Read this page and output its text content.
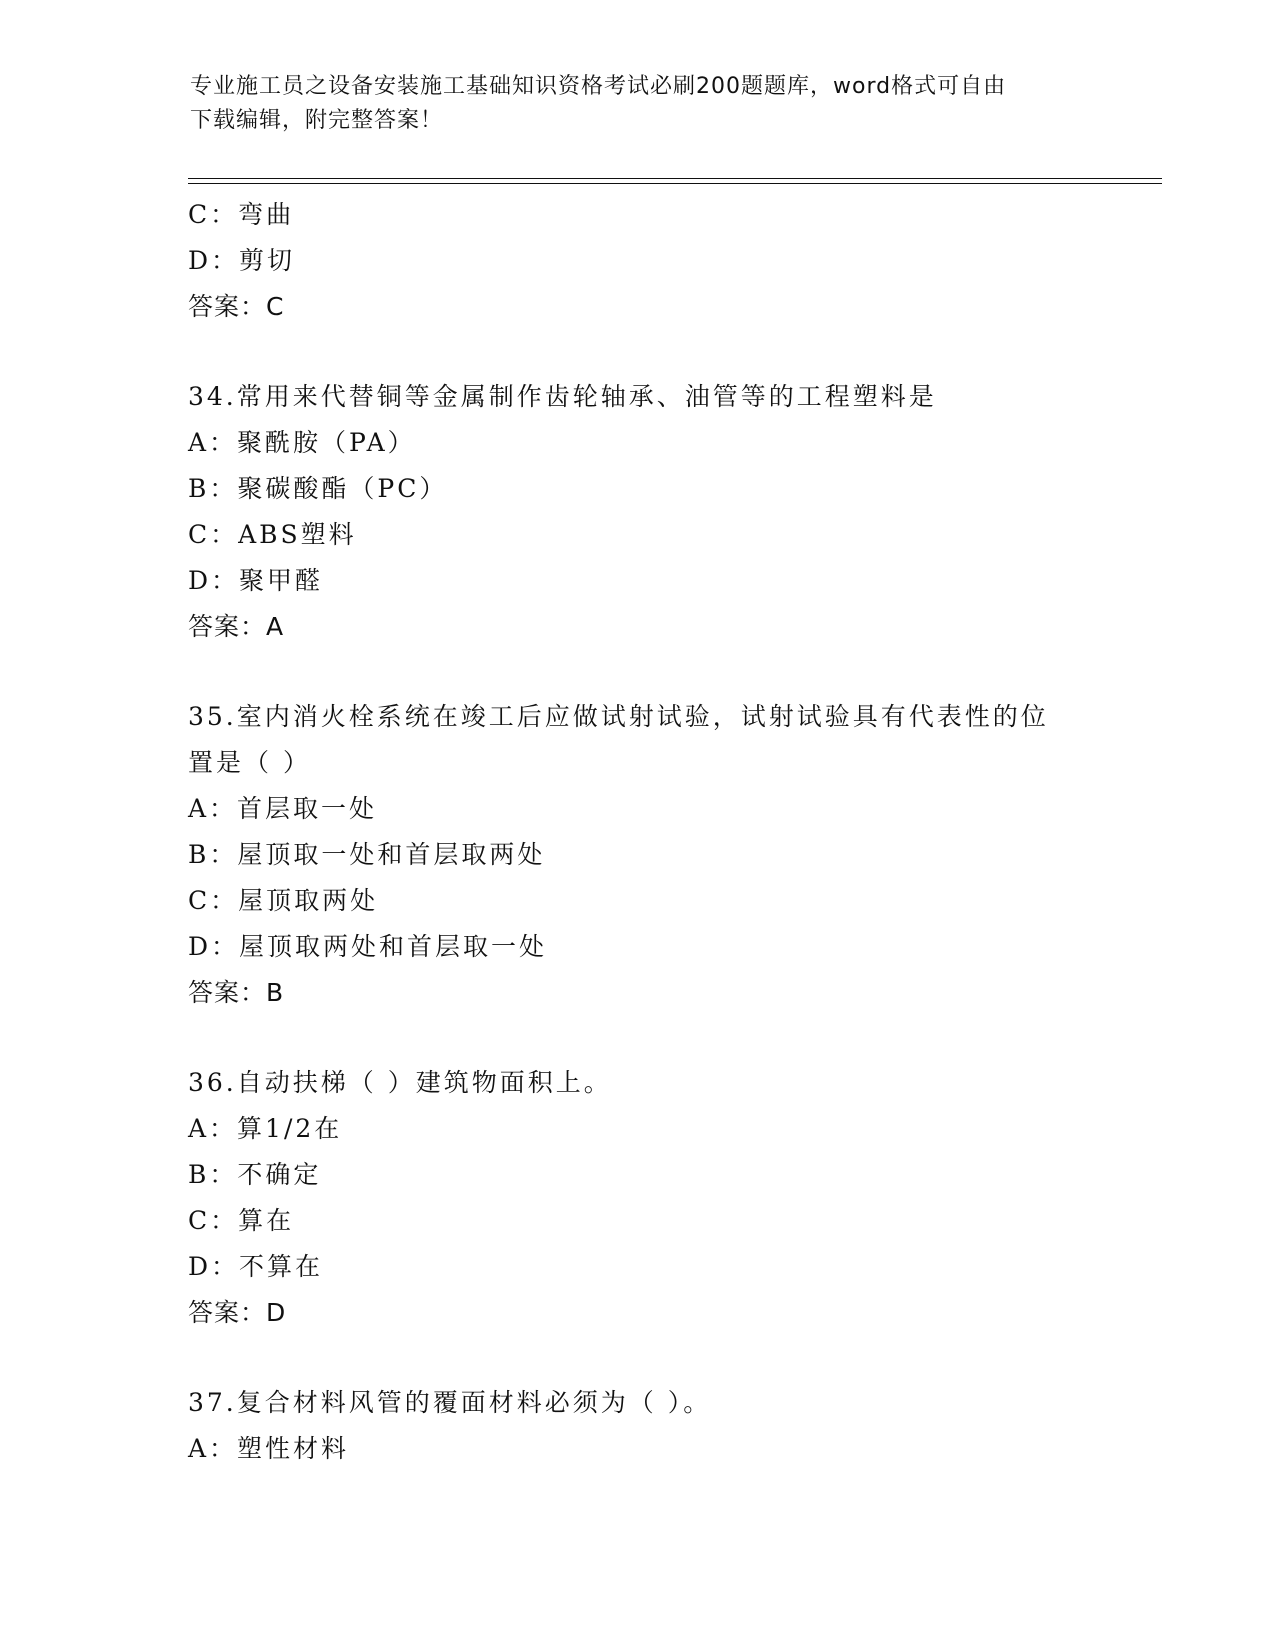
专业施工员之设备安装施工基础知识资格考试必刷200题题库，word格式可自由
下载编辑，附完整答案！
C：弯曲
D：剪切
答案：C
34.常用来代替铜等金属制作齿轮轴承、油管等的工程塑料是
A：聚酰胺（PA）
B：聚碳酸酯（PC）
C：ABS塑料
D：聚甲醛
答案：A
35.室内消火栓系统在竣工后应做试射试验，试射试验具有代表性的位
置是（ ）
A：首层取一处
B：屋顶取一处和首层取两处
C：屋顶取两处
D：屋顶取两处和首层取一处
答案：B
36.自动扶梯（ ）建筑物面积上。
A：算1/2在
B：不确定
C：算在
D：不算在
答案：D
37.复合材料风管的覆面材料必须为（ ）。
A：塑性材料
